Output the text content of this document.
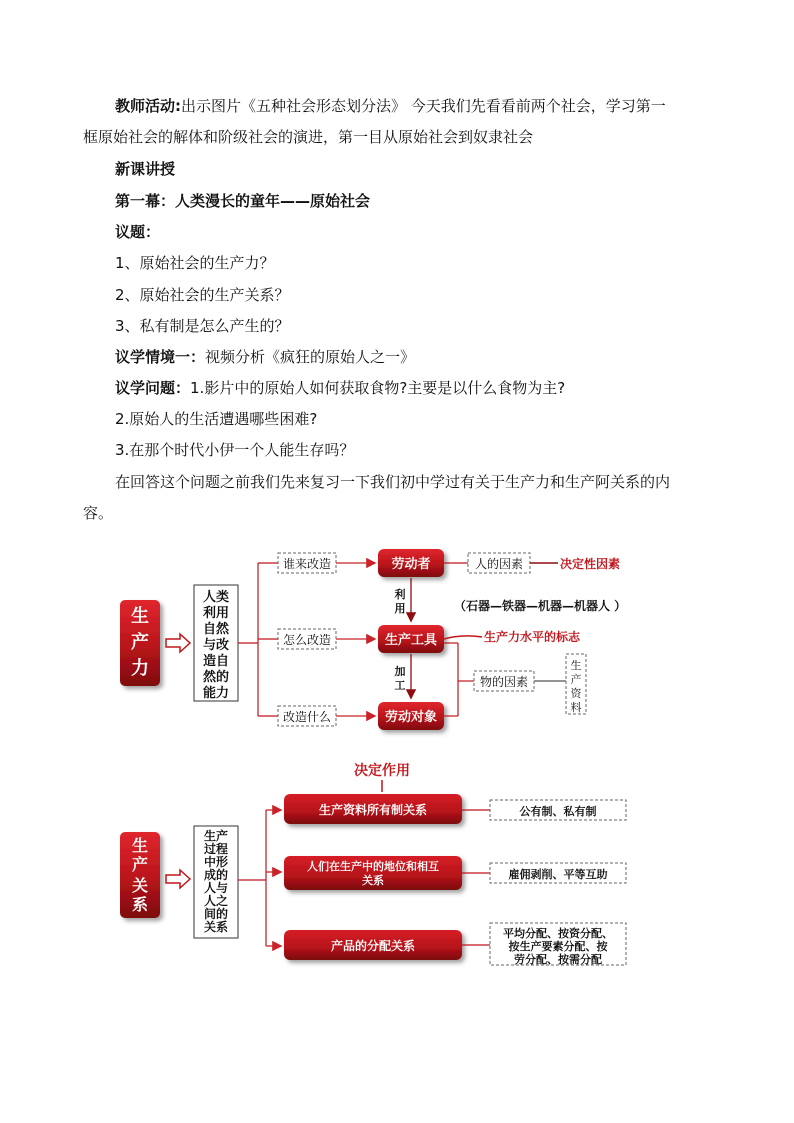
教师活动:出示图片《五种社会形态划分法》 今天我们先看看前两个社会，学习第一
框原始社会的解体和阶级社会的演进，第一目从原始社会到奴隶社会
新课讲授
第一幕：人类漫长的童年——原始社会
议题：
1、原始社会的生产力？
2、原始社会的生产关系？
3、私有制是怎么产生的？
议学情境一：视频分析《疯狂的原始人之一》
议学问题：1.影片中的原始人如何获取食物?主要是以什么食物为主?
2.原始人的生活遭遇哪些困难?
3.在那个时代小伊一个人能生存吗？
在回答这个问题之前我们先来复习一下我们初中学过有关于生产力和生产阿关系的内
容。
生
产
力
人类
利用
自然
与改
造自
然的
能力
谁来改造
怎么改造
改造什么
劳动者
生产工具
劳动对象
利
用
加
工
人的因素	决定性因素
（石器—铁器—机器—机器人 ）
生产力水平的标志
物的因素
生
产
资
料
生
产
关
系
生产
过程
中形
成的
人与
人之
间的
关系
决定作用
生产资料所有制关系
人们在生产中的地位和相互
关系
产品的分配关系
公有制、私有制
雇佣剥削、平等互助
平均分配、按资分配、
按生产要素分配、按
劳分配、按需分配
